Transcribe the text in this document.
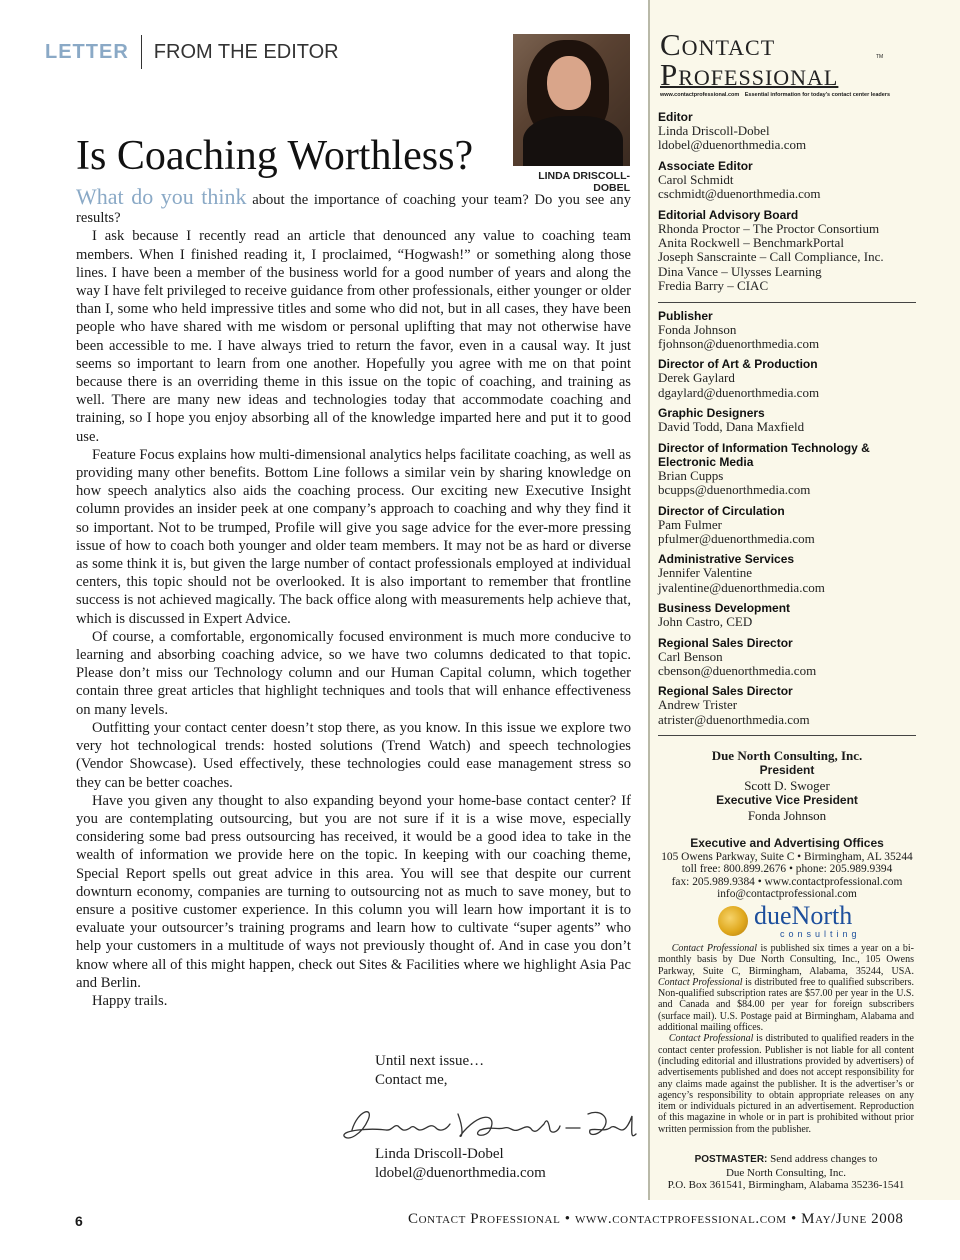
LETTER FROM THE EDITOR
LINDA DRISCOLL-DOBEL
Is Coaching Worthless?

What do you think about the importance of coaching your team? Do you see any results?

I ask because I recently read an article that denounced any value to coaching team members. When I finished reading it, I proclaimed, “Hogwash!” or something along those lines. I have been a member of the business world for a good number of years and along the way I have felt privileged to receive guidance from other professionals, either younger or older than I, some who held impressive titles and some who did not, but in all cases, they have been people who have shared with me wisdom or personal uplifting that may not otherwise have been accessible to me. I have always tried to return the favor, even in a causal way. It just seems so important to learn from one another. Hopefully you agree with me on that point because there is an overriding theme in this issue on the topic of coaching, and training as well. There are many new ideas and technologies today that accommodate coaching and training, so I hope you enjoy absorbing all of the knowledge imparted here and put it to good use.

Feature Focus explains how multi-dimensional analytics helps facilitate coaching, as well as providing many other benefits. Bottom Line follows a similar vein by sharing knowledge on how speech analytics also aids the coaching process. Our exciting new Executive Insight column provides an insider peek at one company’s approach to coaching and why they find it so important. Not to be trumped, Profile will give you sage advice for the ever-more pressing issue of how to coach both younger and older team members. It may not be as hard or diverse as some think it is, but given the large number of contact professionals employed at individual centers, this topic should not be overlooked. It is also important to remember that frontline success is not achieved magically. The back office along with measurements help achieve that, which is discussed in Expert Advice.

Of course, a comfortable, ergonomically focused environment is much more conducive to learning and absorbing coaching advice, so we have two columns dedicated to that topic. Please don’t miss our Technology column and our Human Capital column, which together contain three great articles that highlight techniques and tools that will enhance effectiveness on many levels.

Outfitting your contact center doesn’t stop there, as you know. In this issue we explore two very hot technological trends: hosted solutions (Trend Watch) and speech technologies (Vendor Showcase). Used effectively, these technologies could ease management stress so they can be better coaches.

Have you given any thought to also expanding beyond your home-base contact center? If you are contemplating outsourcing, but you are not sure if it is a wise move, especially considering some bad press outsourcing has received, it would be a good idea to take in the wealth of information we provide here on the topic. In keeping with our coaching theme, Special Report spells out great advice in this area. You will see that despite our current downturn economy, companies are turning to outsourcing not as much to save money, but to ensure a positive customer experience. In this column you will learn how important it is to evaluate your outsourcer’s training programs and learn how to cultivate “super agents” who help your customers in a multitude of ways not previously thought of. And in case you don’t know where all of this might happen, check out Sites & Facilities where we highlight Asia Pac and Berlin.

Happy trails.

Until next issue…
Contact me,
Linda Driscoll-Dobel
ldobel@duenorthmedia.com
6	Contact Professional • www.contactprofessional.com • May/June 2008
Contact
Professional
www.contactprofessional.com Essential information for today's contact center leaders
TM
Editor
Linda Driscoll-Dobel
ldobel@duenorthmedia.com
Associate Editor
Carol Schmidt
cschmidt@duenorthmedia.com
Editorial Advisory Board
Rhonda Proctor – The Proctor Consortium
Anita Rockwell – BenchmarkPortal
Joseph Sanscrainte – Call Compliance, Inc.
Dina Vance – Ulysses Learning
Fredia Barry – CIAC
Publisher
Fonda Johnson
fjohnson@duenorthmedia.com
Director of Art & Production
Derek Gaylard
dgaylard@duenorthmedia.com
Graphic Designers
David Todd, Dana Maxfield
Director of Information Technology & Electronic Media
Brian Cupps
bcupps@duenorthmedia.com
Director of Circulation
Pam Fulmer
pfulmer@duenorthmedia.com
Administrative Services
Jennifer Valentine
jvalentine@duenorthmedia.com
Business Development
John Castro, CED
Regional Sales Director
Carl Benson
cbenson@duenorthmedia.com
Regional Sales Director
Andrew Trister
atrister@duenorthmedia.com
Due North Consulting, Inc.
President
Scott D. Swoger
Executive Vice President
Fonda Johnson
Executive and Advertising Offices
105 Owens Parkway, Suite C • Birmingham, AL 35244
toll free: 800.899.2676 • phone: 205.989.9394
fax: 205.989.9384 • www.contactprofessional.com
info@contactprofessional.com
dueNorth
consulting

Contact Professional is published six times a year on a bi-monthly basis by Due North Consulting, Inc., 105 Owens Parkway, Suite C, Birmingham, Alabama, 35244, USA. Contact Professional is distributed free to qualified subscribers. Non-qualified subscription rates are $57.00 per year in the U.S. and Canada and $84.00 per year for foreign subscribers (surface mail). U.S. Postage paid at Birmingham, Alabama and additional mailing offices.

Contact Professional is distributed to qualified readers in the contact center profession. Publisher is not liable for all content (including editorial and illustrations provided by advertisers) of advertisements published and does not accept responsibility for any claims made against the publisher. It is the advertiser’s or agency’s responsibility to obtain appropriate releases on any item or individuals pictured in an advertisement. Reproduction of this magazine in whole or in part is prohibited without prior written permission from the publisher.

POSTMASTER: Send address changes to
Due North Consulting, Inc.
P.O. Box 361541, Birmingham, Alabama 35236-1541
